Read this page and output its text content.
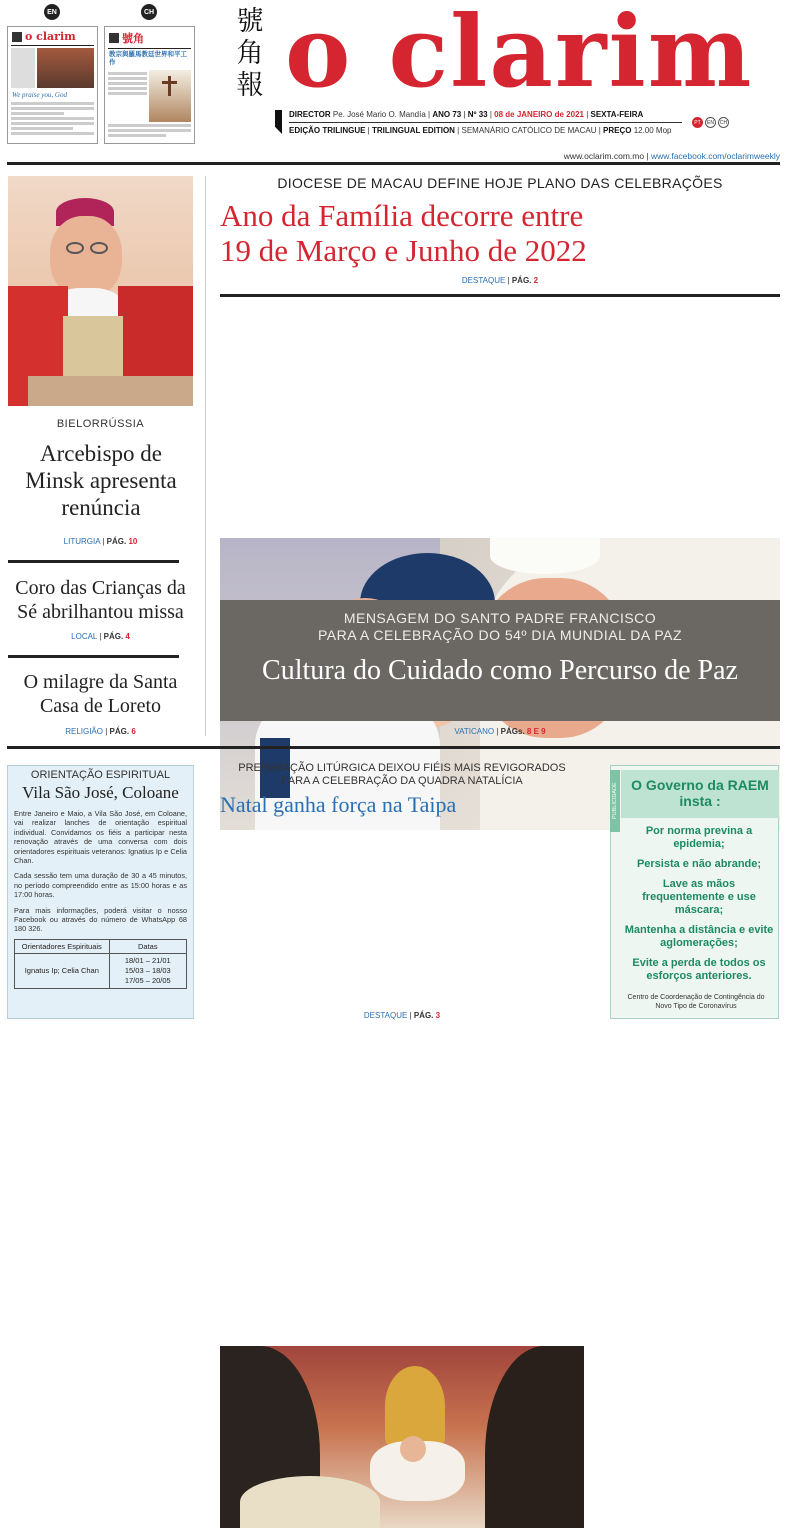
EN	CH
o clarim
We praise you, God
號角
教宗與羅馬教廷世界和平工作
號
角
報 o clarim
DIRECTOR Pe. José Mario O. Mandía | ANO 73 | Nº 33 | 08 de JANEIRO de 2021 | SEXTA-FEIRA
EDIÇÃO TRILINGUE | TRILINGUAL EDITION | SEMANÁRIO CATÓLICO DE MACAU | PREÇO 12.00 Mop
PT	EN	CH
www.oclarim.com.mo | www.facebook.com/oclarimweekly
BIELORRÚSSIA
Arcebispo de Minsk apresenta renúncia
LITURGIA | PÁG. 10
Coro das Crianças da Sé abrilhantou missa
LOCAL | PÁG. 4
O milagre da Santa Casa de Loreto
RELIGIÃO | PÁG. 6
DIOCESE DE MACAU DEFINE HOJE PLANO DAS CELEBRAÇÕES
Ano da Família decorre entre
19 de Março e Junho de 2022
DESTAQUE | PÁG. 2
MENSAGEM DO SANTO PADRE FRANCISCO
PARA A CELEBRAÇÃO DO 54º DIA MUNDIAL DA PAZ
Cultura do Cuidado como Percurso de Paz
VATICANO | PÁGs. 8 E 9
ORIENTAÇÃO ESPIRITUAL
Vila São José, Coloane
Entre Janeiro e Maio, a Vila São José, em Coloane, vai realizar lanches de orientação espiritual individual. Convidamos os fiéis a participar nesta renovação através de uma conversa com dois orientadores espirituais veteranos: Ignatius Ip e Celia Chan.
Cada sessão tem uma duração de 30 a 45 minutos, no período compreendido entre as 15:00 horas e as 17:00 horas.
Para mais informações, poderá visitar o nosso Facebook ou através do número de WhatsApp 68 180 326.
Orientadores Espirituais	Datas
Ignatus Ip; Celia Chan	18/01 – 21/01
15/03 – 18/03
17/05 – 20/05
PREPARAÇÃO LITÚRGICA DEIXOU FIÉIS MAIS REVIGORADOS
PARA A CELEBRAÇÃO DA QUADRA NATALÍCIA
Natal ganha força na Taipa
DESTAQUE | PÁG. 3
PUBLICIDADE O Governo da RAEM
insta :
Por norma previna a epidemia;
Persista e não abrande;
Lave as mãos frequentemente e use máscara;
Mantenha a distância e evite aglomerações;
Evite a perda de todos os esforços anteriores.
Centro de Coordenação de Contingência do Novo Tipo de Coronavírus
